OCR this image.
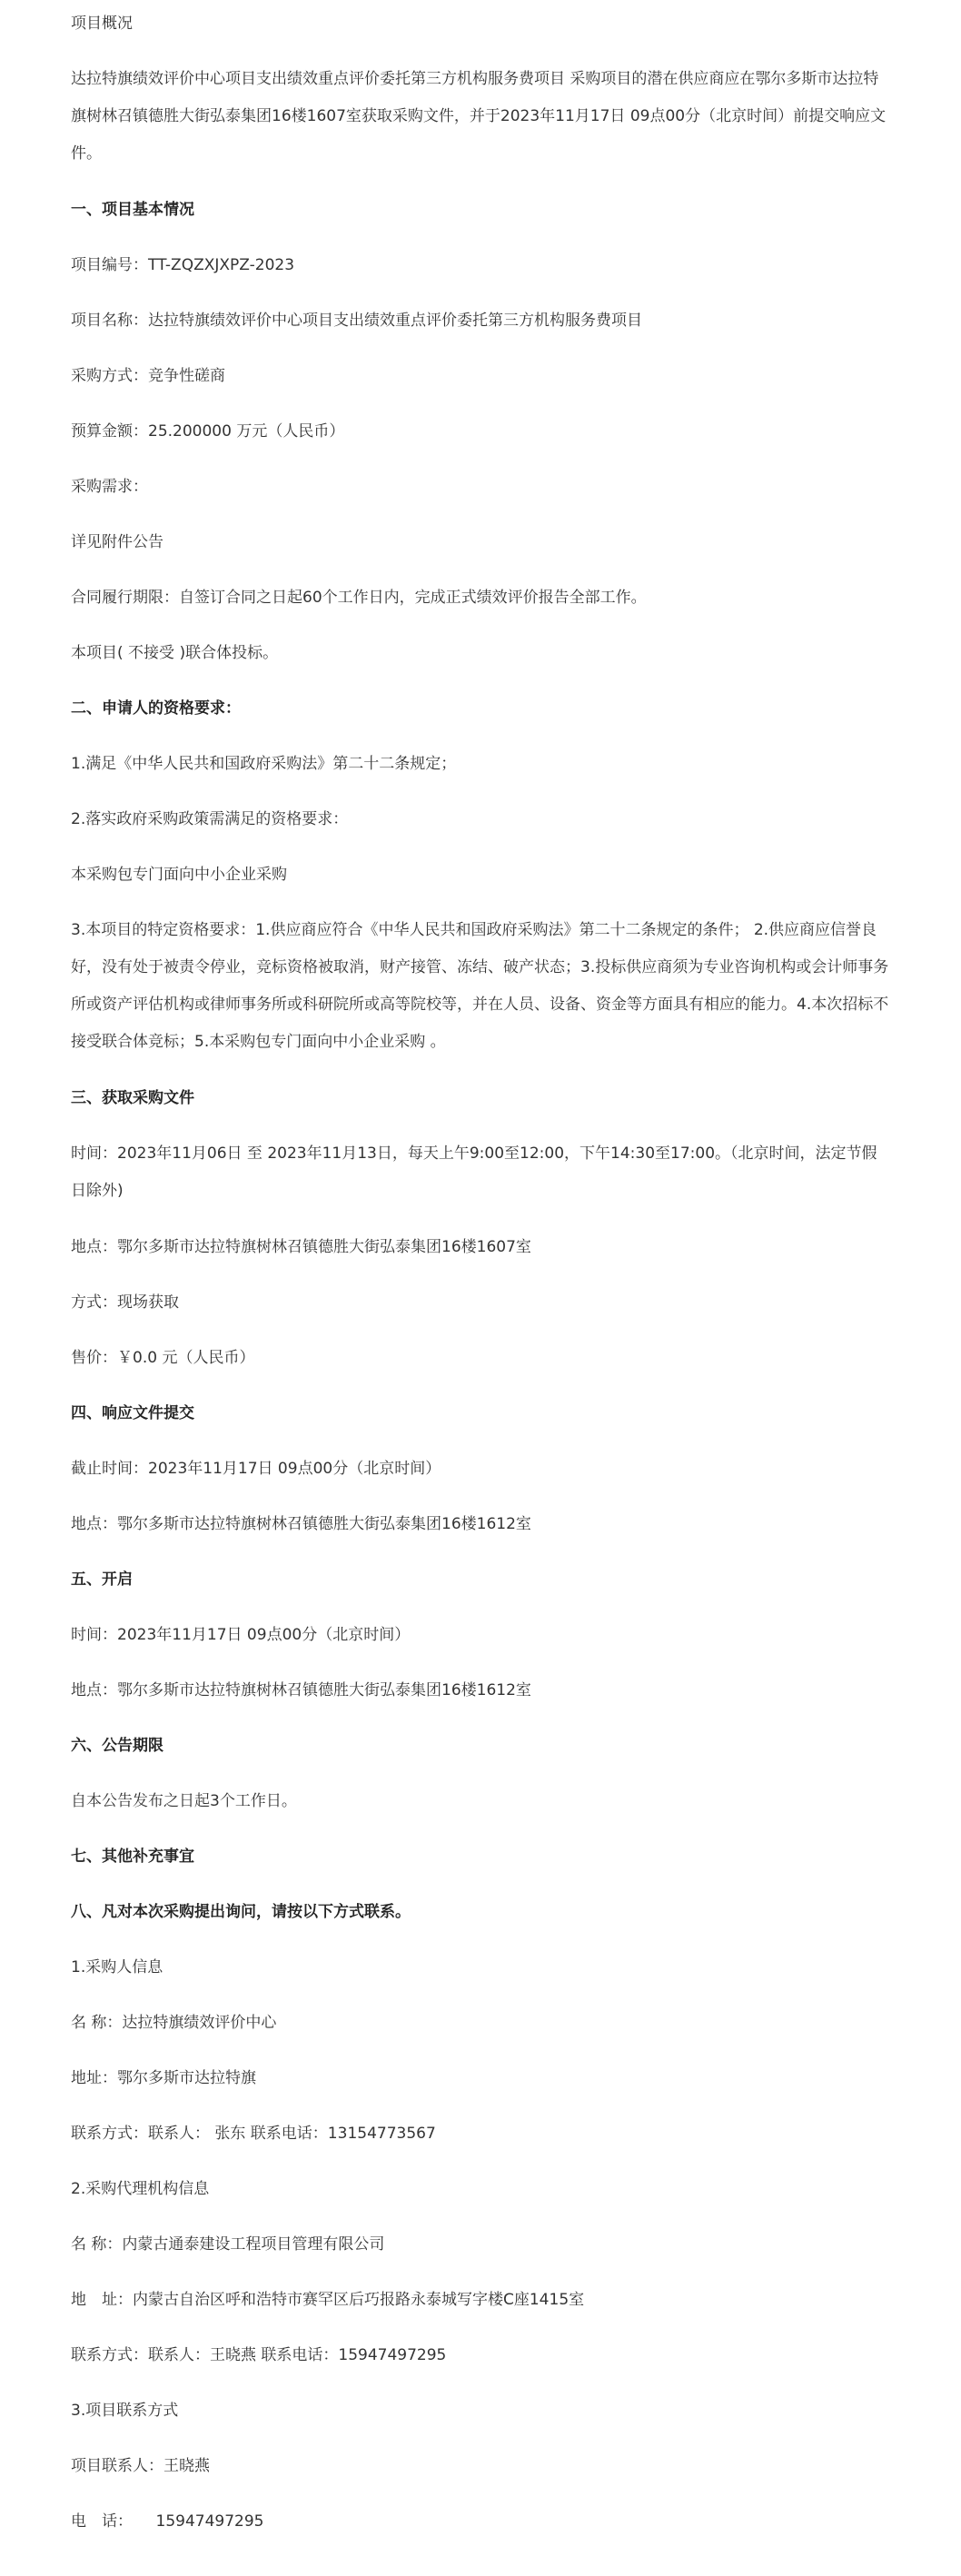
项目概况

达拉特旗绩效评价中心项目支出绩效重点评价委托第三方机构服务费项目 采购项目的潜在供应商应在鄂尔多斯市达拉特旗树林召镇德胜大街弘泰集团16楼1607室获取采购文件，并于2023年11月17日 09点00分（北京时间）前提交响应文件。

一、项目基本情况

项目编号：TT-ZQZXJXPZ-2023

项目名称：达拉特旗绩效评价中心项目支出绩效重点评价委托第三方机构服务费项目

采购方式：竞争性磋商

预算金额：25.200000 万元（人民币）

采购需求：

详见附件公告

合同履行期限：自签订合同之日起60个工作日内，完成正式绩效评价报告全部工作。

本项目( 不接受 )联合体投标。

二、申请人的资格要求：

1.满足《中华人民共和国政府采购法》第二十二条规定；

2.落实政府采购政策需满足的资格要求：

本采购包专门面向中小企业采购

3.本项目的特定资格要求：1.供应商应符合《中华人民共和国政府采购法》第二十二条规定的条件； 2.供应商应信誉良好，没有处于被责令停业，竞标资格被取消，财产接管、冻结、破产状态；3.投标供应商须为专业咨询机构或会计师事务所或资产评估机构或律师事务所或科研院所或高等院校等，并在人员、设备、资金等方面具有相应的能力。4.本次招标不接受联合体竞标；5.本采购包专门面向中小企业采购 。

三、获取采购文件

时间：2023年11月06日 至 2023年11月13日，每天上午9:00至12:00，下午14:30至17:00。（北京时间，法定节假日除外)

地点：鄂尔多斯市达拉特旗树林召镇德胜大街弘泰集团16楼1607室

方式：现场获取

售价：￥0.0 元（人民币）

四、响应文件提交

截止时间：2023年11月17日 09点00分（北京时间）

地点：鄂尔多斯市达拉特旗树林召镇德胜大街弘泰集团16楼1612室

五、开启

时间：2023年11月17日 09点00分（北京时间）

地点：鄂尔多斯市达拉特旗树林召镇德胜大街弘泰集团16楼1612室

六、公告期限

自本公告发布之日起3个工作日。

七、其他补充事宜

八、凡对本次采购提出询问，请按以下方式联系。

1.采购人信息

名 称：达拉特旗绩效评价中心

地址：鄂尔多斯市达拉特旗

联系方式：联系人： 张东 联系电话：13154773567

2.采购代理机构信息

名 称：内蒙古通泰建设工程项目管理有限公司

地　址：内蒙古自治区呼和浩特市赛罕区后巧报路永泰城写字楼C座1415室

联系方式：联系人：王晓燕 联系电话：15947497295

3.项目联系方式

项目联系人：王晓燕

电　话：　　15947497295
